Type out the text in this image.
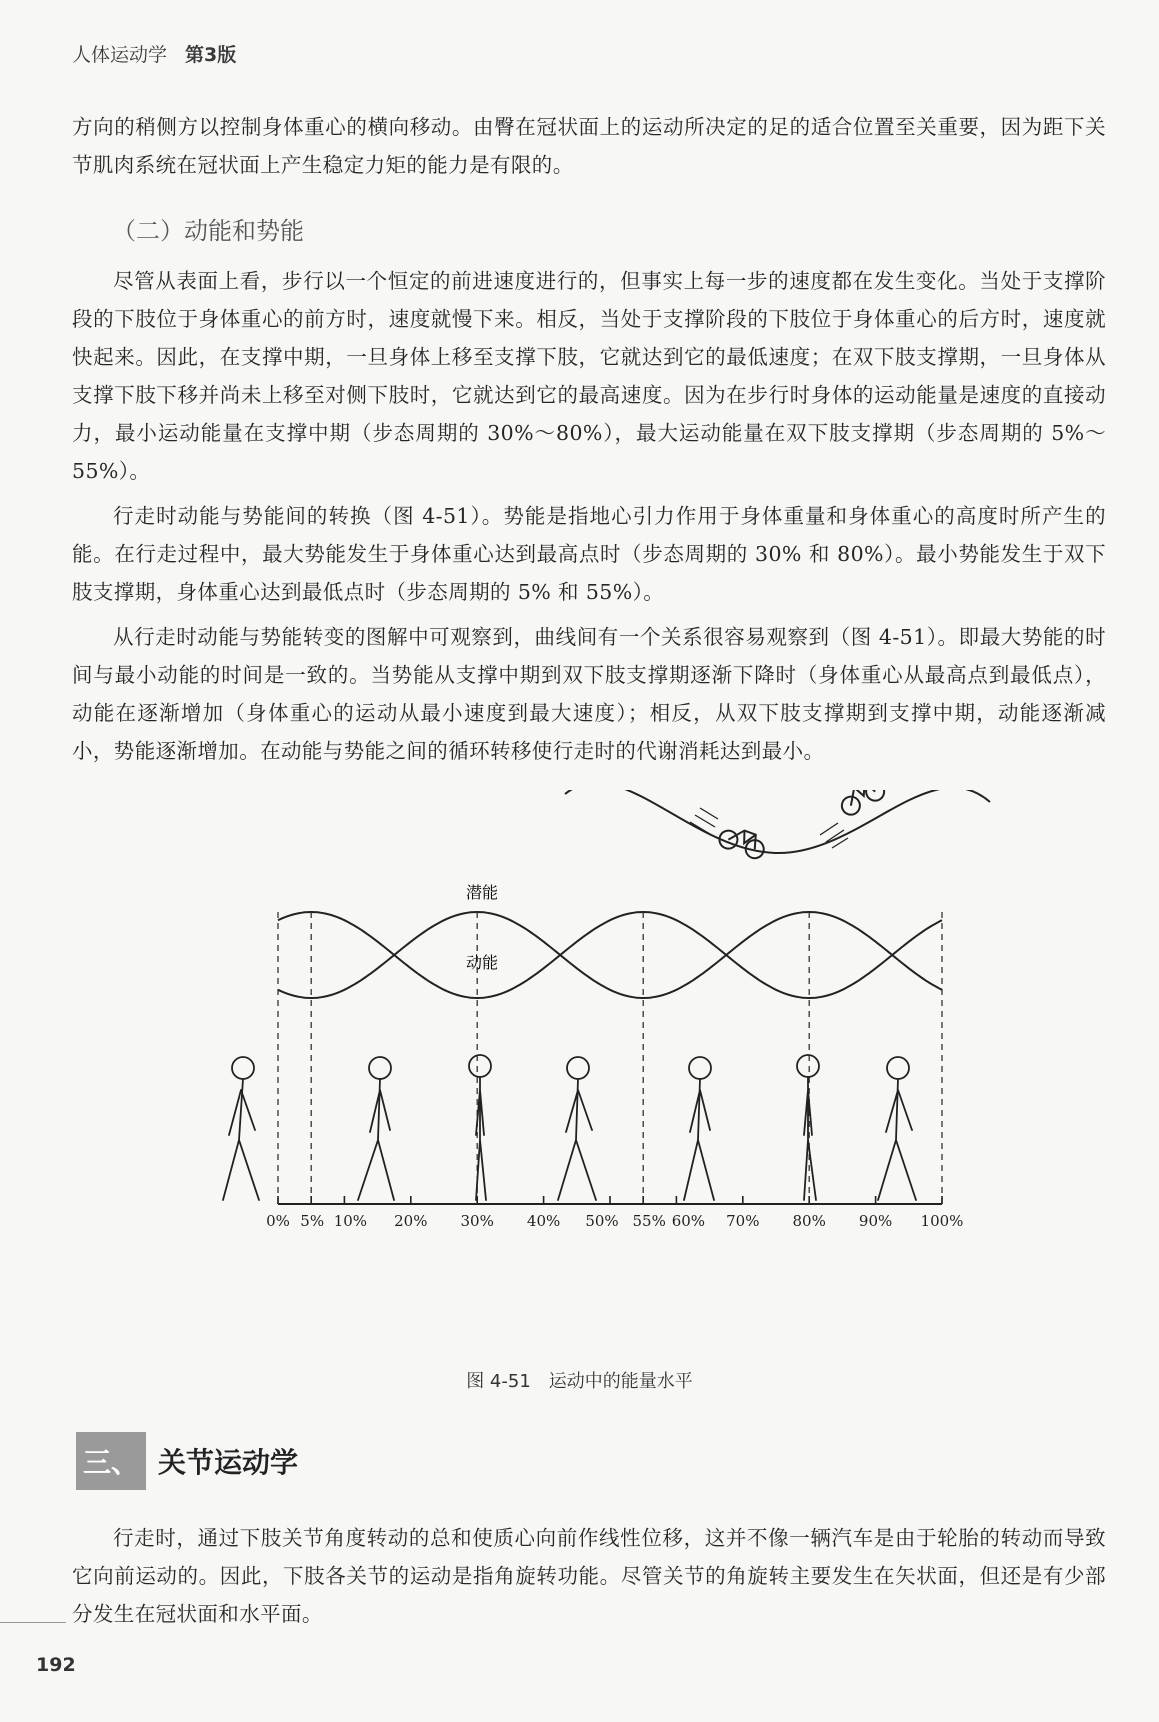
人体运动学 第3版

方向的稍侧方以控制身体重心的横向移动。由臀在冠状面上的运动所决定的足的适合位置至关重要，因为距下关节肌肉系统在冠状面上产生稳定力矩的能力是有限的。

（二）动能和势能

尽管从表面上看，步行以一个恒定的前进速度进行的，但事实上每一步的速度都在发生变化。当处于支撑阶段的下肢位于身体重心的前方时，速度就慢下来。相反，当处于支撑阶段的下肢位于身体重心的后方时，速度就快起来。因此，在支撑中期，一旦身体上移至支撑下肢，它就达到它的最低速度；在双下肢支撑期，一旦身体从支撑下肢下移并尚未上移至对侧下肢时，它就达到它的最高速度。因为在步行时身体的运动能量是速度的直接动力，最小运动能量在支撑中期（步态周期的 30%～80%），最大运动能量在双下肢支撑期（步态周期的 5%～55%）。

行走时动能与势能间的转换（图 4-51）。势能是指地心引力作用于身体重量和身体重心的高度时所产生的能。在行走过程中，最大势能发生于身体重心达到最高点时（步态周期的 30% 和 80%）。最小势能发生于双下肢支撑期，身体重心达到最低点时（步态周期的 5% 和 55%）。

从行走时动能与势能转变的图解中可观察到，曲线间有一个关系很容易观察到（图 4-51）。即最大势能的时间与最小动能的时间是一致的。当势能从支撑中期到双下肢支撑期逐渐下降时（身体重心从最高点到最低点），动能在逐渐增加（身体重心的运动从最小速度到最大速度）；相反，从双下肢支撑期到支撑中期，动能逐渐减小，势能逐渐增加。在动能与势能之间的循环转移使行走时的代谢消耗达到最小。

潜能
动能
0% 5% 10% 20% 30% 40% 50% 55% 60% 70% 80% 90% 100%
图 4-51 运动中的能量水平
三、 关节运动学

行走时，通过下肢关节角度转动的总和使质心向前作线性位移，这并不像一辆汽车是由于轮胎的转动而导致它向前运动的。因此，下肢各关节的运动是指角旋转功能。尽管关节的角旋转主要发生在矢状面，但还是有少部分发生在冠状面和水平面。

192
